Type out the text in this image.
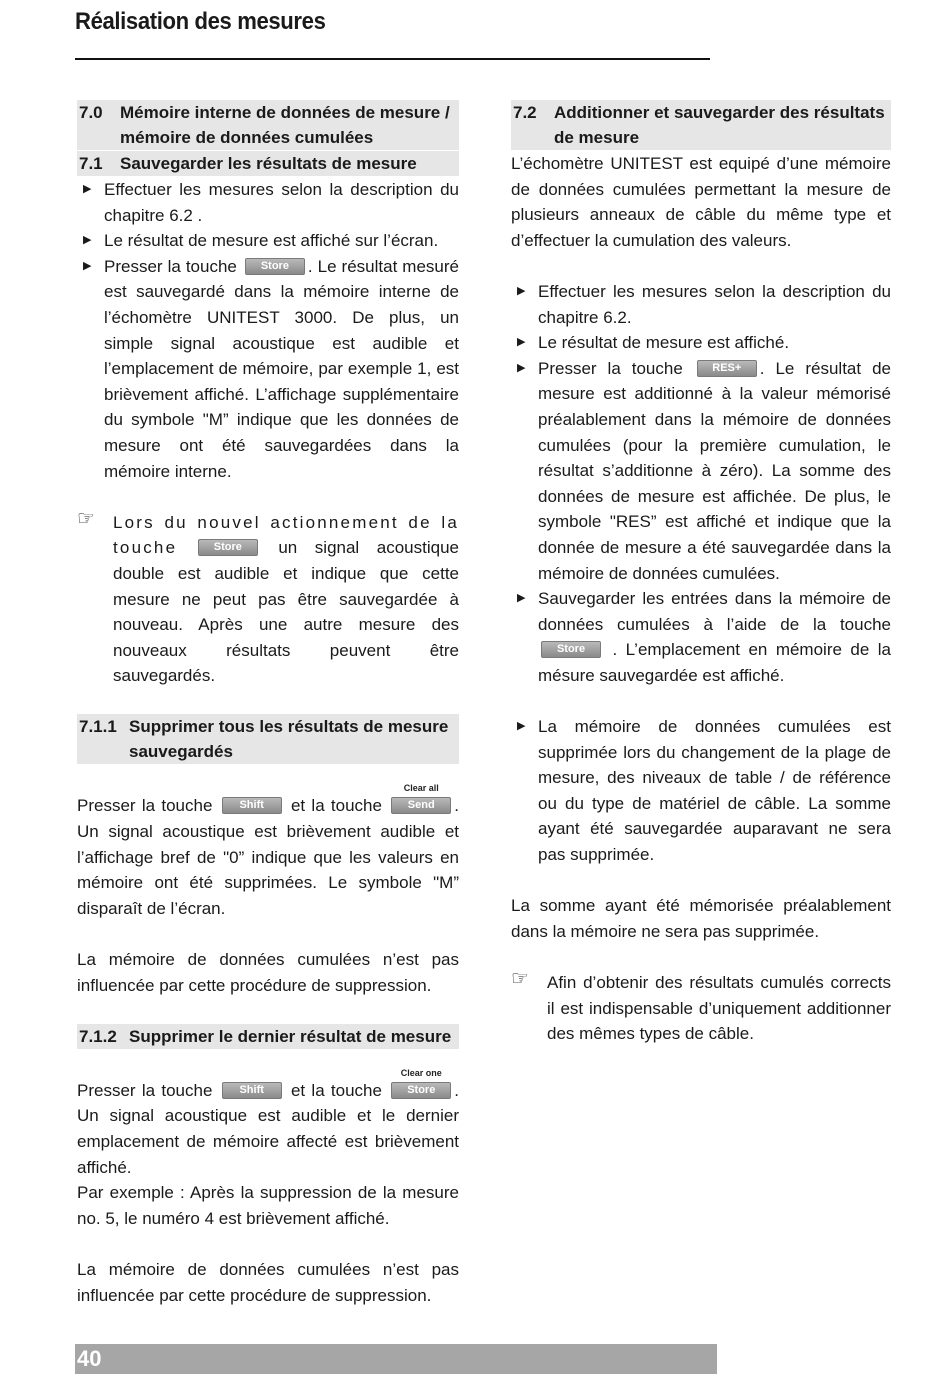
Réalisation des mesures
7.0	Mémoire interne de données de mesure /
mémoire de données cumulées
7.1	Sauvegarder les résultats de mesure
▶ Effectuer les mesures selon la description du chapitre 6.2 .
▶ Le résultat de mesure est affiché sur l’écran.
▶ Presser la touche Store . Le résultat mesuré est sauvegardé dans la mémoire interne de l’échomètre UNITEST 3000. De plus, un simple signal acoustique est audible et l’emplacement de mémoire, par exemple 1, est brièvement affiché. L’affichage supplémentaire du symbole "M” indique que les données de mesure ont été sauvegardées dans la mémoire interne.
☞ Lors du nouvel actionnement de la touche	Store un signal acoustique double est audible et indique que cette mesure ne peut pas être sauvegardée à nouveau. Après une autre mesure des nouveaux résultats peuvent être sauvegardés.
7.1.1 Supprimer tous les résultats de mesure
sauvegardés

Presser la touche Shift et la touche
Clear all
Send . Un signal acoustique est brièvement audible et l’affichage bref de "0” indique que les valeurs en mémoire ont été supprimées. Le symbole "M” disparaît de l’écran.

La mémoire de données cumulées n’est pas influencée par cette procédure de suppression.

7.1.2 Supprimer le dernier résultat de mesure

Presser la touche Shift et la touche
Clear one
Store . Un signal acoustique est audible et le dernier emplacement de mémoire affecté est brièvement affiché.

Par exemple : Après la suppression de la mesure no. 5, le numéro 4 est brièvement affiché.

La mémoire de données cumulées n’est pas influencée par cette procédure de suppression.

7.2	Additionner et sauvegarder des résultats
de mesure

L’échomètre UNITEST est equipé d’une mémoire de données cumulées permettant la mesure de plusieurs anneaux de câble du même type et d’effectuer la cumulation des valeurs.

▶ Effectuer les mesures selon la description du chapitre 6.2.
▶ Le résultat de mesure est affiché.
▶ Presser la touche	RES+ . Le résultat de mesure est additionné à la valeur mémorisé préalablement dans la mémoire de données cumulées (pour la première cumulation, le résultat s’additionne à zéro). La somme des données de mesure est affichée. De plus, le symbole "RES” est affiché et indique que la donnée de mesure a été sauvegardée dans la mémoire de données cumulées.
▶ Sauvegarder les entrées dans la mémoire de données cumulées à l’aide de la touche Store . L’emplacement en mémoire de la mésure sauvegardée est affiché.
▶ La mémoire de données cumulées est supprimée lors du changement de la plage de mesure, des niveaux de table / de référence ou du type de matériel de câble. La somme ayant été sauvegardée auparavant ne sera pas supprimée.

La somme ayant été mémorisée préalablement dans la mémoire ne sera pas supprimée.

☞ Afin d’obtenir des résultats cumulés corrects il est indispensable d’uniquement additionner des mêmes types de câble.
40
